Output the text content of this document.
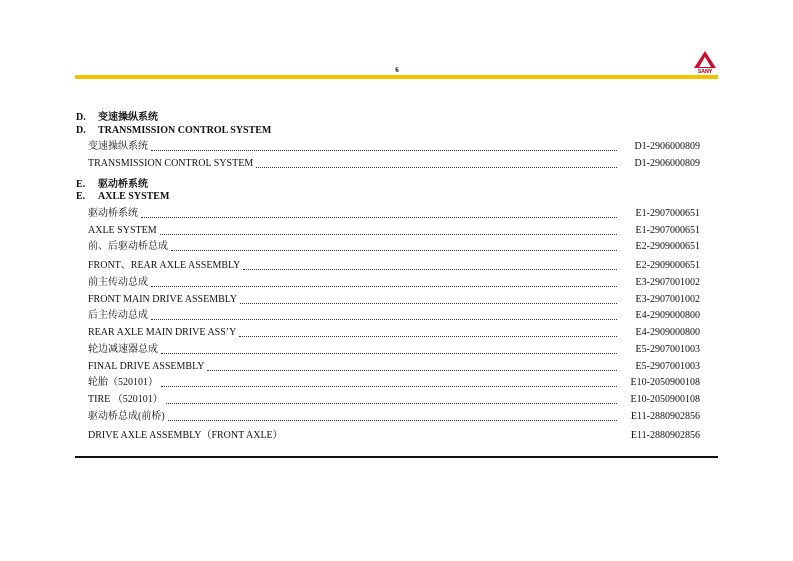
6	SANY
D. 变速操纵系统
D. TRANSMISSION CONTROL SYSTEM
变速操纵系统	D1-2906000809
TRANSMISSION CONTROL SYSTEM	D1-2906000809
E. 驱动桥系统
E. AXLE SYSTEM
驱动桥系统	E1-2907000651
AXLE SYSTEM	E1-2907000651
前、后驱动桥总成	E2-2909000651
FRONT、REAR AXLE ASSEMBLY	E2-2909000651
前主传动总成	E3-2907001002
FRONT MAIN DRIVE ASSEMBLY	E3-2907001002
后主传动总成	E4-2909000800
REAR AXLE MAIN DRIVE ASS’Y	E4-2909000800
轮边减速器总成	E5-2907001003
FINAL DRIVE ASSEMBLY	E5-2907001003
轮胎（520101）	E10-2050900108
TIRE （520101）	E10-2050900108
驱动桥总成(前桥)	E11-2880902856
DRIVE AXLE ASSEMBLY（FRONT AXLE）	E11-2880902856
